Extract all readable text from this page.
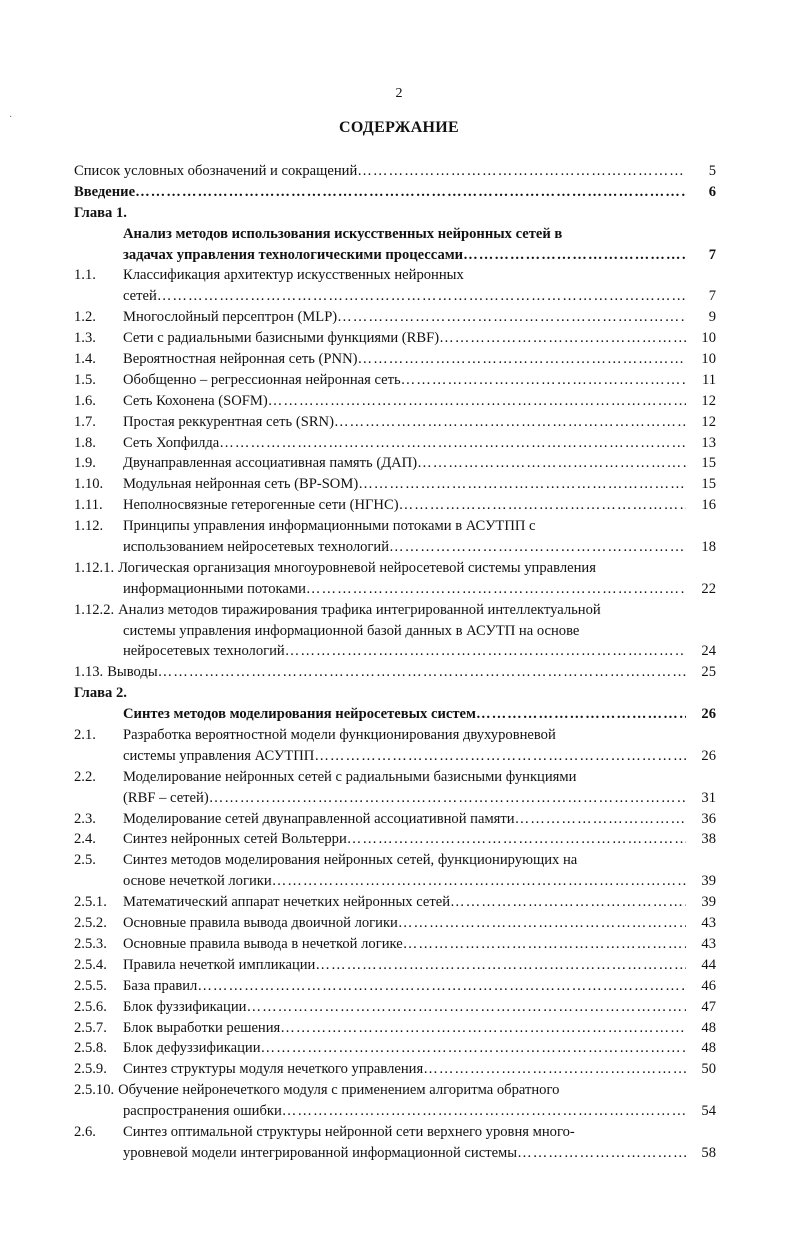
·
2
СОДЕРЖАНИЕ
Список условных обозначений и сокращений ……………………………………………………………………………………………………………………………………………………	5
Введение ……………………………………………………………………………………………………………………………………………………	6
Глава 1.
Анализ методов использования искусственных нейронных сетей в
задачах управления технологическими процессами ……………………………………………………………………………………………………………………………………………………	7
1.1.	Классификация архитектур искусственных нейронных
сетей ……………………………………………………………………………………………………………………………………………………	7
1.2.	Многослойный персептрон (MLP) ……………………………………………………………………………………………………………………………………………………	9
1.3.	Сети с радиальными базисными функциями (RBF) ……………………………………………………………………………………………………………………………………………………	10
1.4.	Вероятностная нейронная сеть (PNN) ……………………………………………………………………………………………………………………………………………………	10
1.5.	Обобщенно – регрессионная нейронная сеть ……………………………………………………………………………………………………………………………………………………	11
1.6.	Сеть Кохонена (SOFM) ……………………………………………………………………………………………………………………………………………………	12
1.7.	Простая реккурентная сеть (SRN) ……………………………………………………………………………………………………………………………………………………	12
1.8.	Сеть Хопфилда ……………………………………………………………………………………………………………………………………………………	13
1.9.	Двунаправленная ассоциативная память (ДАП) ……………………………………………………………………………………………………………………………………………………	15
1.10.	Модульная нейронная сеть (BP-SOM) ……………………………………………………………………………………………………………………………………………………	15
1.11.	Неполносвязные гетерогенные сети (НГНС) ……………………………………………………………………………………………………………………………………………………	16
1.12.	Принципы управления информационными потоками в АСУТПП с
использованием нейросетевых технологий ……………………………………………………………………………………………………………………………………………………	18
1.12.1. Логическая организация многоуровневой нейросетевой системы управления
информационными потоками ……………………………………………………………………………………………………………………………………………………	22
1.12.2. Анализ методов тиражирования трафика интегрированной интеллектуальной
системы управления информационной базой данных в АСУТП на основе
нейросетевых технологий ……………………………………………………………………………………………………………………………………………………	24
1.13. Выводы ……………………………………………………………………………………………………………………………………………………	25
Глава 2.
Синтез методов моделирования нейросетевых систем ……………………………………………………………………………………………………………………………………………………	26
2.1.	Разработка вероятностной модели функционирования двухуровневой
системы управления АСУТПП ……………………………………………………………………………………………………………………………………………………	26
2.2.	Моделирование нейронных сетей с радиальными базисными функциями
(RBF – сетей) ……………………………………………………………………………………………………………………………………………………	31
2.3.	Моделирование сетей двунаправленной ассоциативной памяти ……………………………………………………………………………………………………………………………………………………	36
2.4.	Синтез нейронных сетей Вольтерри ……………………………………………………………………………………………………………………………………………………	38
2.5.	Синтез методов моделирования нейронных сетей, функционирующих на
основе нечеткой логики ……………………………………………………………………………………………………………………………………………………	39
2.5.1.	Математический аппарат нечетких нейронных сетей ……………………………………………………………………………………………………………………………………………………	39
2.5.2.	Основные правила вывода двоичной логики ……………………………………………………………………………………………………………………………………………………	43
2.5.3.	Основные правила вывода в нечеткой логике ……………………………………………………………………………………………………………………………………………………	43
2.5.4.	Правила нечеткой импликации ……………………………………………………………………………………………………………………………………………………	44
2.5.5.	База правил ……………………………………………………………………………………………………………………………………………………	46
2.5.6.	Блок фуззификации ……………………………………………………………………………………………………………………………………………………	47
2.5.7.	Блок выработки решения ……………………………………………………………………………………………………………………………………………………	48
2.5.8.	Блок дефуззификации ……………………………………………………………………………………………………………………………………………………	48
2.5.9.	Синтез структуры модуля нечеткого управления ……………………………………………………………………………………………………………………………………………………	50
2.5.10. Обучение нейронечеткого модуля с применением алгоритма обратного
распространения ошибки ……………………………………………………………………………………………………………………………………………………	54
2.6.	Синтез оптимальной структуры нейронной сети верхнего уровня много-
уровневой модели интегрированной информационной системы ……………………………………………………………………………………………………………………………………………………	58
